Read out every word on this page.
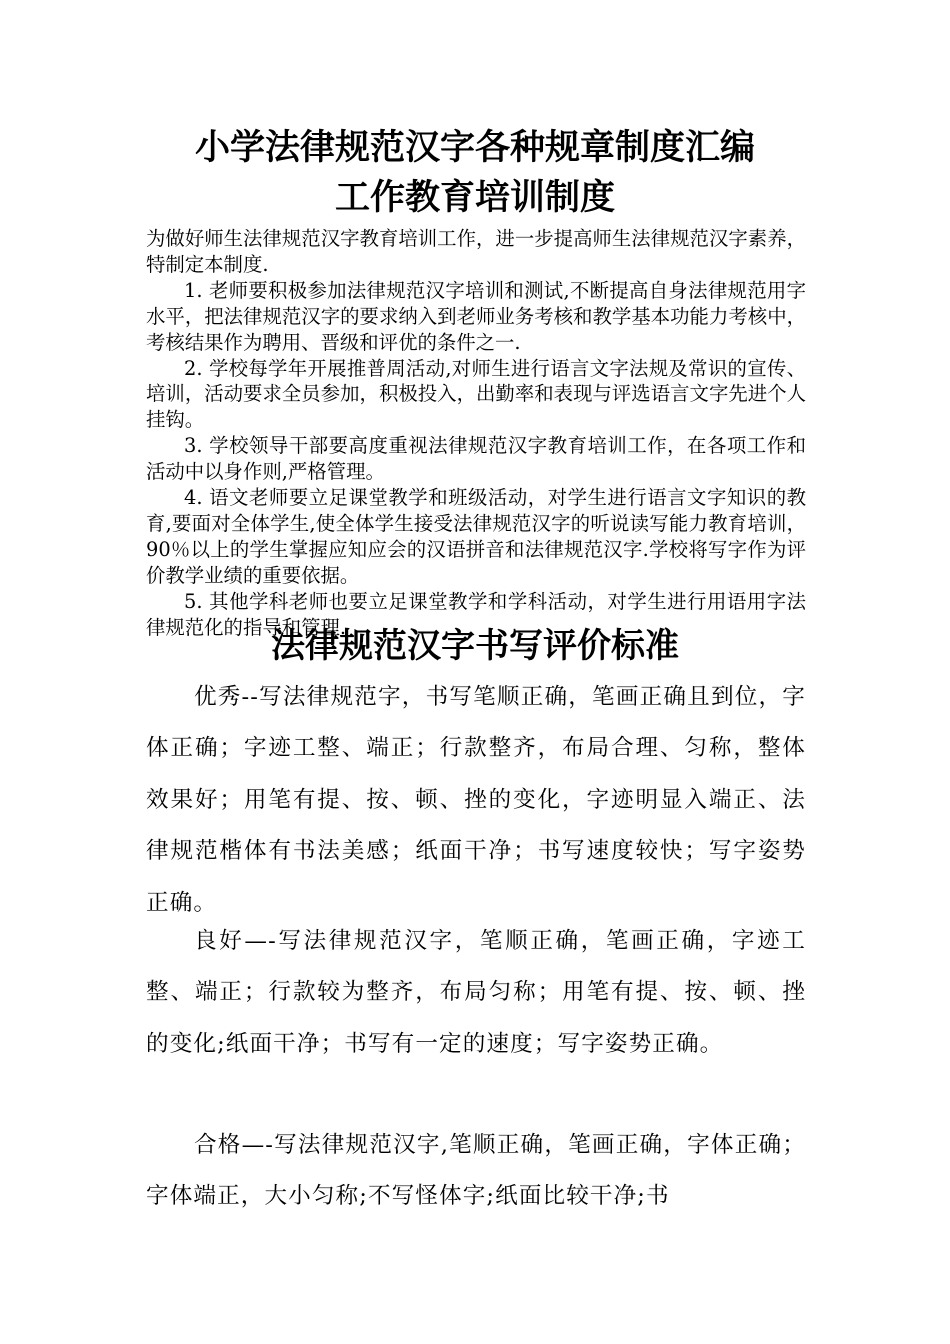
小学法律规范汉字各种规章制度汇编
工作教育培训制度

为做好师生法律规范汉字教育培训工作，进一步提高师生法律规范汉字素养，特制定本制度.

1. 老师要积极参加法律规范汉字培训和测试,不断提高自身法律规范用字水平，把法律规范汉字的要求纳入到老师业务考核和教学基本功能力考核中，考核结果作为聘用、晋级和评优的条件之一.

2. 学校每学年开展推普周活动,对师生进行语言文字法规及常识的宣传、培训，活动要求全员参加，积极投入，出勤率和表现与评选语言文字先进个人挂钩。

3. 学校领导干部要高度重视法律规范汉字教育培训工作，在各项工作和活动中以身作则,严格管理。

4. 语文老师要立足课堂教学和班级活动，对学生进行语言文字知识的教育,要面对全体学生,使全体学生接受法律规范汉字的听说读写能力教育培训，90％以上的学生掌握应知应会的汉语拼音和法律规范汉字.学校将写字作为评价教学业绩的重要依据。

5. 其他学科老师也要立足课堂教学和学科活动，对学生进行用语用字法律规范化的指导和管理.

法律规范汉字书写评价标准

优秀--写法律规范字，书写笔顺正确，笔画正确且到位，字体正确；字迹工整、端正；行款整齐，布局合理、匀称，整体效果好；用笔有提、按、顿、挫的变化，字迹明显入端正、法律规范楷体有书法美感；纸面干净；书写速度较快；写字姿势正确。

良好—-写法律规范汉字，笔顺正确，笔画正确，字迹工整、端正；行款较为整齐，布局匀称；用笔有提、按、顿、挫的变化;纸面干净；书写有一定的速度；写字姿势正确。

合格—-写法律规范汉字,笔顺正确，笔画正确，字体正确；字体端正，大小匀称;不写怪体字;纸面比较干净;书
